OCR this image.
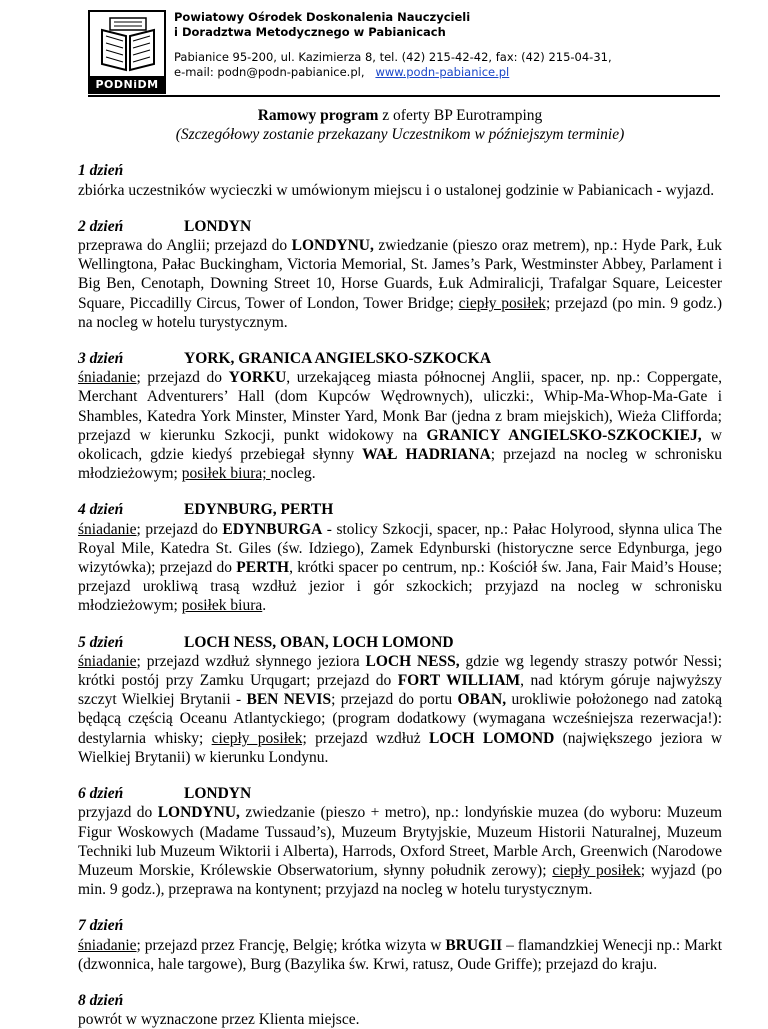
PODNiDM
Powiatowy Ośrodek Doskonalenia Nauczycieli
i Doradztwa Metodycznego w Pabianicach
Pabianice 95-200, ul. Kazimierza 8, tel. (42) 215-42-42, fax: (42) 215-04-31,
e-mail: podn@podn-pabianice.pl, www.podn-pabianice.pl
Ramowy program z oferty BP Eurotramping
(Szczegółowy zostanie przekazany Uczestnikom w późniejszym terminie)
1 dzień

zbiórka uczestników wycieczki w umówionym miejscu i o ustalonej godzinie w Pabianicach - wyjazd.

2 dzień	LONDYN

przeprawa do Anglii; przejazd do LONDYNU, zwiedzanie (pieszo oraz metrem), np.: Hyde Park, Łuk Wellingtona, Pałac Buckingham, Victoria Memorial, St. James’s Park, Westminster Abbey, Parlament i Big Ben, Cenotaph, Downing Street 10, Horse Guards, Łuk Admiralicji, Trafalgar Square, Leicester Square, Piccadilly Circus, Tower of London, Tower Bridge; ciepły posiłek; przejazd (po min. 9 godz.) na nocleg w hotelu turystycznym.

3 dzień	YORK, GRANICA ANGIELSKO-SZKOCKA

śniadanie; przejazd do YORKU, urzekająceg miasta północnej Anglii, spacer, np. np.: Coppergate, Merchant Adventurers’ Hall (dom Kupców Wędrownych), uliczki:, Whip-Ma-Whop-Ma-Gate i Shambles, Katedra York Minster, Minster Yard, Monk Bar (jedna z bram miejskich), Wieża Clifforda; przejazd w kierunku Szkocji, punkt widokowy na GRANICY ANGIELSKO-SZKOCKIEJ, w okolicach, gdzie kiedyś przebiegał słynny WAŁ HADRIANA; przejazd na nocleg w schronisku młodzieżowym; posiłek biura; nocleg.

4 dzień	EDYNBURG, PERTH

śniadanie; przejazd do EDYNBURGA - stolicy Szkocji, spacer, np.: Pałac Holyrood, słynna ulica The Royal Mile, Katedra St. Giles (św. Idziego), Zamek Edynburski (historyczne serce Edynburga, jego wizytówka); przejazd do PERTH, krótki spacer po centrum, np.: Kościół św. Jana, Fair Maid’s House; przejazd urokliwą trasą wzdłuż jezior i gór szkockich; przyjazd na nocleg w schronisku młodzieżowym; posiłek biura.

5 dzień	LOCH NESS, OBAN, LOCH LOMOND

śniadanie; przejazd wzdłuż słynnego jeziora LOCH NESS, gdzie wg legendy straszy potwór Nessi; krótki postój przy Zamku Urqugart; przejazd do FORT WILLIAM, nad którym góruje najwyższy szczyt Wielkiej Brytanii - BEN NEVIS; przejazd do portu OBAN, urokliwie położonego nad zatoką będącą częścią Oceanu Atlantyckiego; (program dodatkowy (wymagana wcześniejsza rezerwacja!): destylarnia whisky; ciepły posiłek; przejazd wzdłuż LOCH LOMOND (największego jeziora w Wielkiej Brytanii) w kierunku Londynu.

6 dzień	LONDYN

przyjazd do LONDYNU, zwiedzanie (pieszo + metro), np.: londyńskie muzea (do wyboru: Muzeum Figur Woskowych (Madame Tussaud’s), Muzeum Brytyjskie, Muzeum Historii Naturalnej, Muzeum Techniki lub Muzeum Wiktorii i Alberta), Harrods, Oxford Street, Marble Arch, Greenwich (Narodowe Muzeum Morskie, Królewskie Obserwatorium, słynny południk zerowy); ciepły posiłek; wyjazd (po min. 9 godz.), przeprawa na kontynent; przyjazd na nocleg w hotelu turystycznym.

7 dzień

śniadanie; przejazd przez Francję, Belgię; krótka wizyta w BRUGII – flamandzkiej Wenecji np.: Markt (dzwonnica, hale targowe), Burg (Bazylika św. Krwi, ratusz, Oude Griffe); przejazd do kraju.

8 dzień

powrót w wyznaczone przez Klienta miejsce.
